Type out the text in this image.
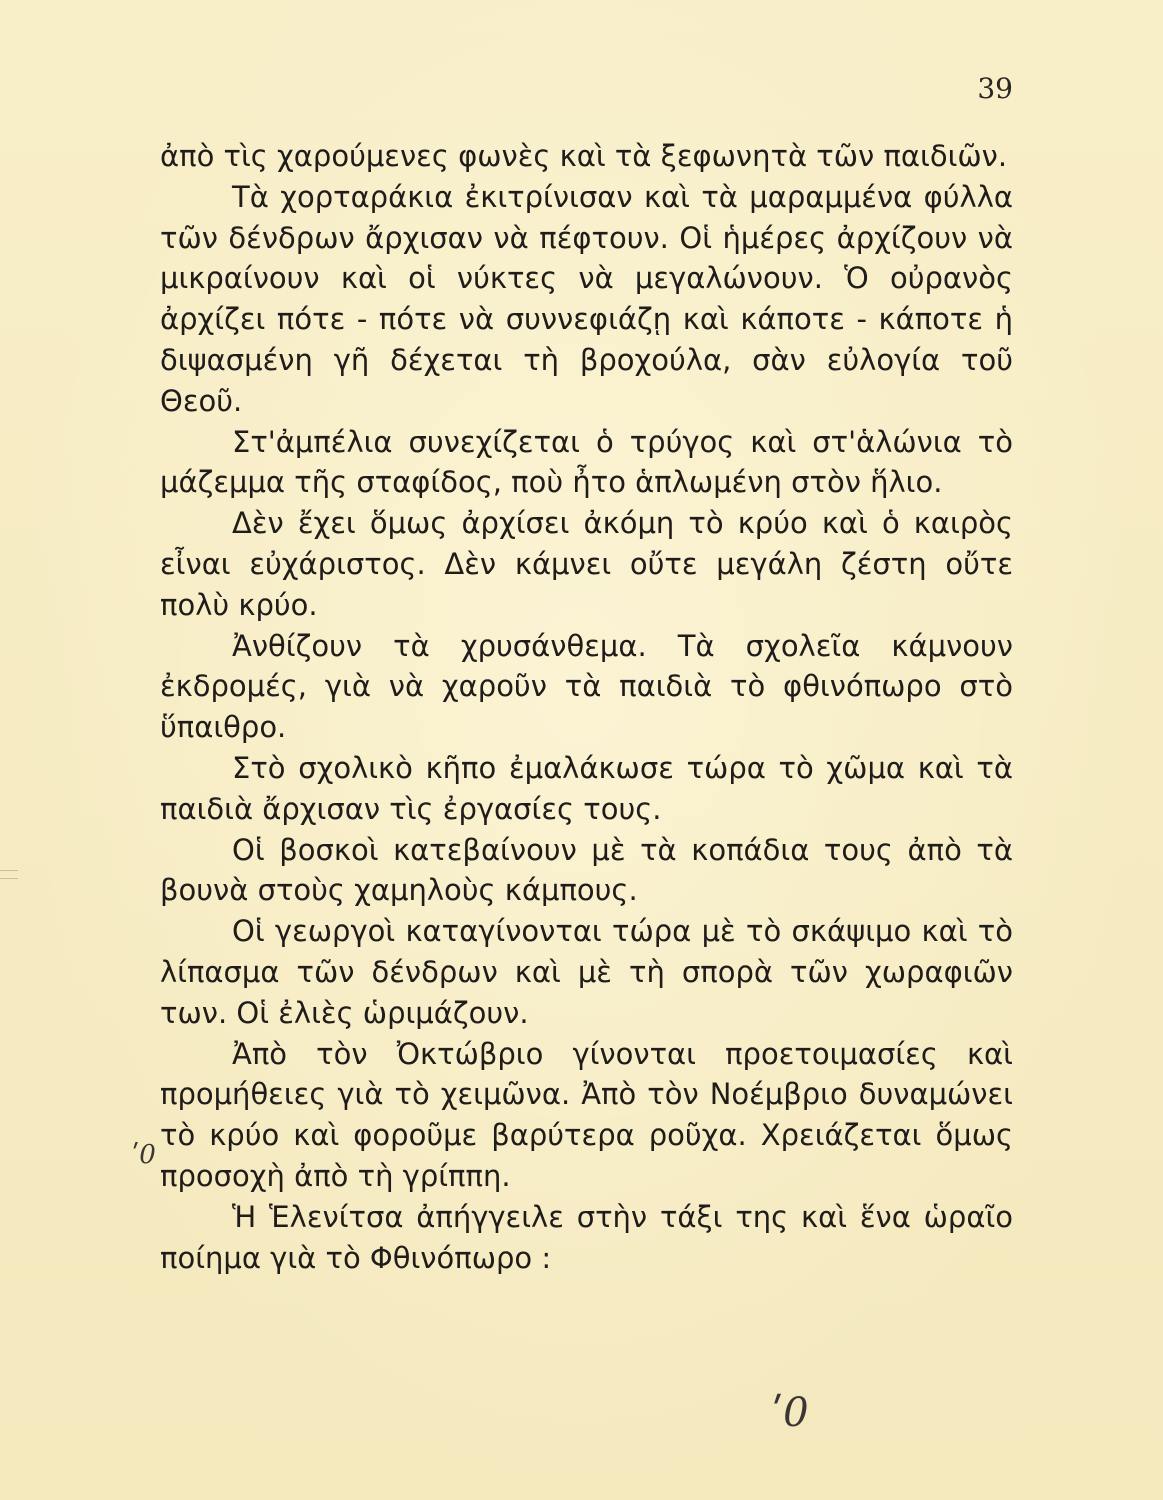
39

ἀπὸ τὶς χαρούμενες φωνὲς καὶ τὰ ξεφωνητὰ τῶν παιδιῶν.

Τὰ χορταράκια ἐκιτρίνισαν καὶ τὰ μαραμμένα φύλλα τῶν δένδρων ἄρχισαν νὰ πέφτουν. Οἱ ἡμέρες ἀρχίζουν νὰ μικραίνουν καὶ οἱ νύκτες νὰ μεγαλώνουν. Ὁ οὐρανὸς ἀρχίζει πότε - πότε νὰ συννεφιάζῃ καὶ κάποτε - κάποτε ἡ διψασμένη γῆ δέχεται τὴ βροχούλα, σὰν εὐλογία τοῦ Θεοῦ.

Στ'ἀμπέλια συνεχίζεται ὁ τρύγος καὶ στ'ἁλώνια τὸ μάζεμμα τῆς σταφίδος, ποὺ ἦτο ἁπλωμένη στὸν ἥλιο.

Δὲν ἔχει ὅμως ἀρχίσει ἀκόμη τὸ κρύο καὶ ὁ καιρὸς εἶναι εὐχάριστος. Δὲν κάμνει οὔτε μεγάλη ζέστη οὔτε πολὺ κρύο.

Ἀνθίζουν τὰ χρυσάνθεμα. Τὰ σχολεῖα κάμνουν ἐκδρομές, γιὰ νὰ χαροῦν τὰ παιδιὰ τὸ φθινόπωρο στὸ ὕπαιθρο.

Στὸ σχολικὸ κῆπο ἐμαλάκωσε τώρα τὸ χῶμα καὶ τὰ παιδιὰ ἄρχισαν τὶς ἐργασίες τους.

Οἱ βοσκοὶ κατεβαίνουν μὲ τὰ κοπάδια τους ἀπὸ τὰ βουνὰ στοὺς χαμηλοὺς κάμπους.

Οἱ γεωργοὶ καταγίνονται τώρα μὲ τὸ σκάψιμο καὶ τὸ λίπασμα τῶν δένδρων καὶ μὲ τὴ σπορὰ τῶν χωραφιῶν των. Οἱ ἐλιὲς ὡριμάζουν.

Ἀπὸ τὸν Ὀκτώβριο γίνονται προετοιμασίες καὶ προμήθειες γιὰ τὸ χειμῶνα. Ἀπὸ τὸν Νοέμβριο δυναμώνει τὸ κρύο καὶ φοροῦμε βαρύτερα ροῦχα. Χρειάζεται ὅμως προσοχὴ ἀπὸ τὴ γρίππη.

Ἡ Ἑλενίτσα ἀπήγγειλε στὴν τάξι της καὶ ἕνα ὡραῖο ποίημα γιὰ τὸ Φθινόπωρο :

ʹ0
ʹ0
